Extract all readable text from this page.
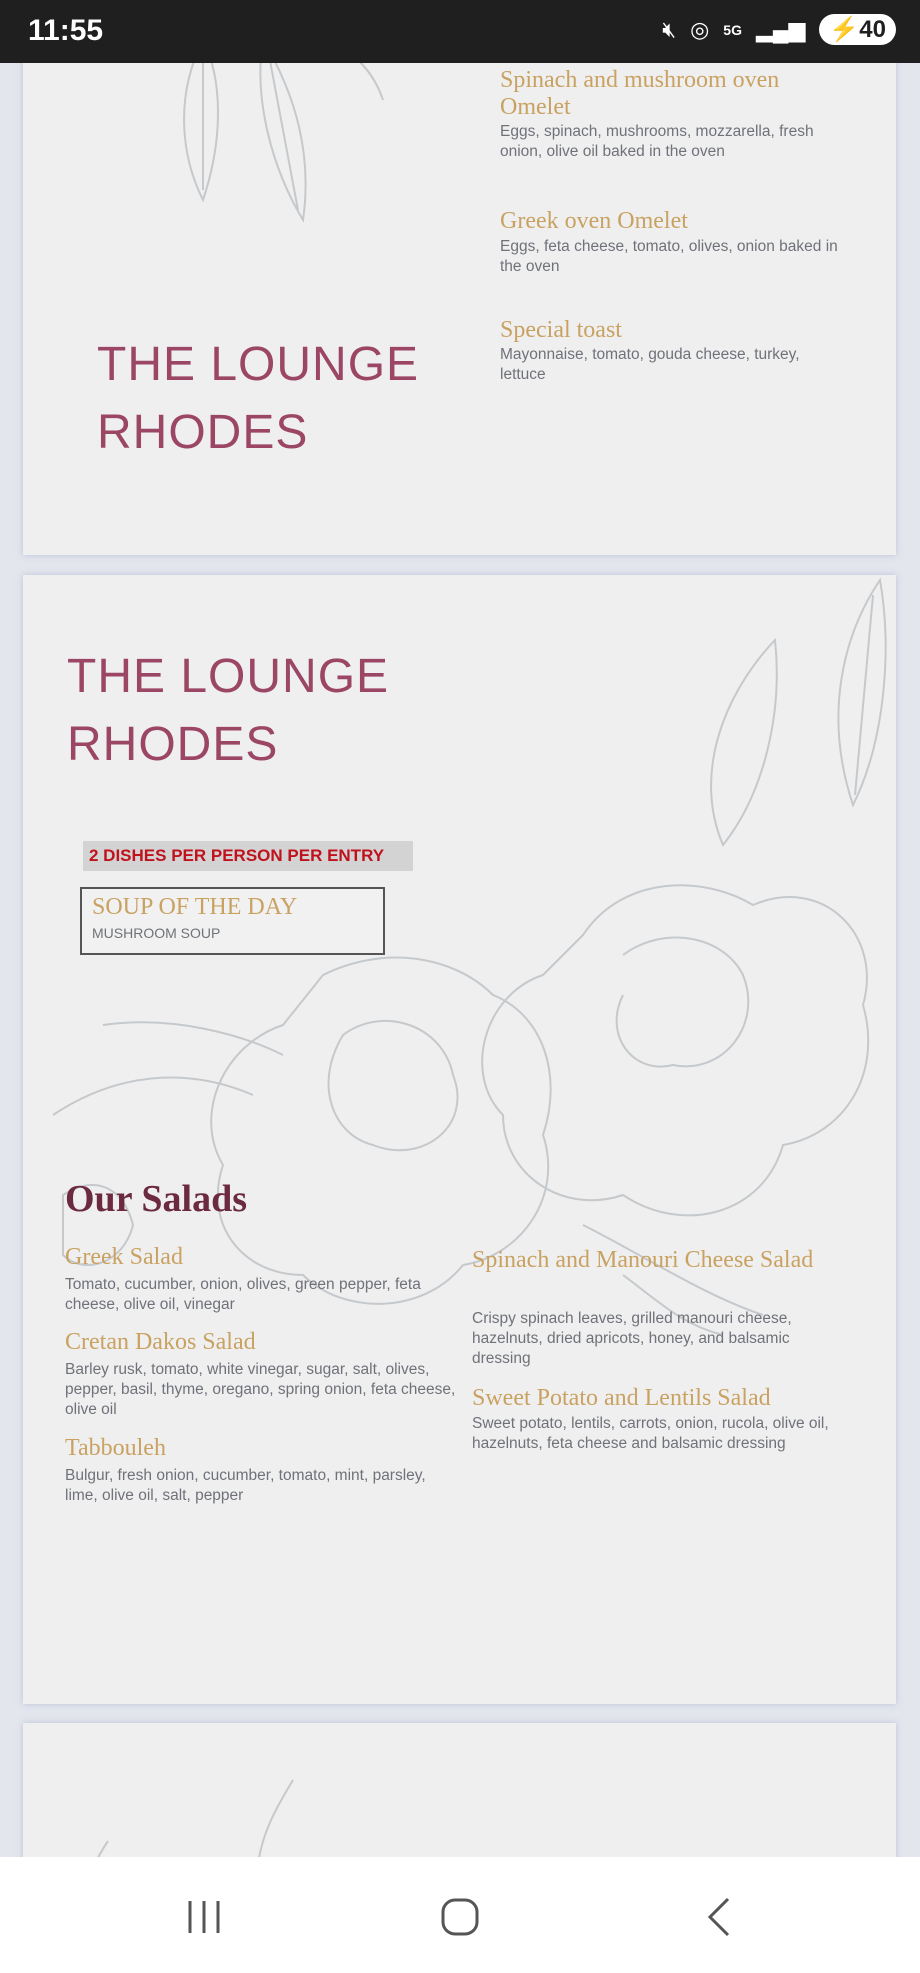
Spinach and mushroom oven
Omelet
Eggs, spinach, mushrooms, mozzarella, fresh onion, olive oil baked in the oven
Greek oven Omelet
Eggs, feta cheese, tomato, olives, onion baked in the oven
Special toast
Mayonnaise, tomato, gouda cheese, turkey, lettuce
THE LOUNGE
RHODES
THE LOUNGE
RHODES
2 DISHES PER PERSON PER ENTRY
SOUP OF THE DAY
MUSHROOM SOUP
Our Salads
Greek Salad
Tomato, cucumber, onion, olives, green pepper, feta cheese, olive oil, vinegar
Cretan Dakos Salad
Barley rusk, tomato, white vinegar, sugar, salt, olives, pepper, basil, thyme, oregano, spring onion, feta cheese, olive oil
Tabbouleh
Bulgur, fresh onion, cucumber, tomato, mint, parsley, lime, olive oil, salt, pepper
Spinach and Manouri Cheese Salad
Crispy spinach leaves, grilled manouri cheese, hazelnuts, dried apricots, honey, and balsamic dressing
Sweet Potato and Lentils Salad
Sweet potato, lentils, carrots, onion, rucola, olive oil, hazelnuts, feta cheese and balsamic dressing
11:55	🔇︎ ◎ 5G ▂▄▆	⚡40
